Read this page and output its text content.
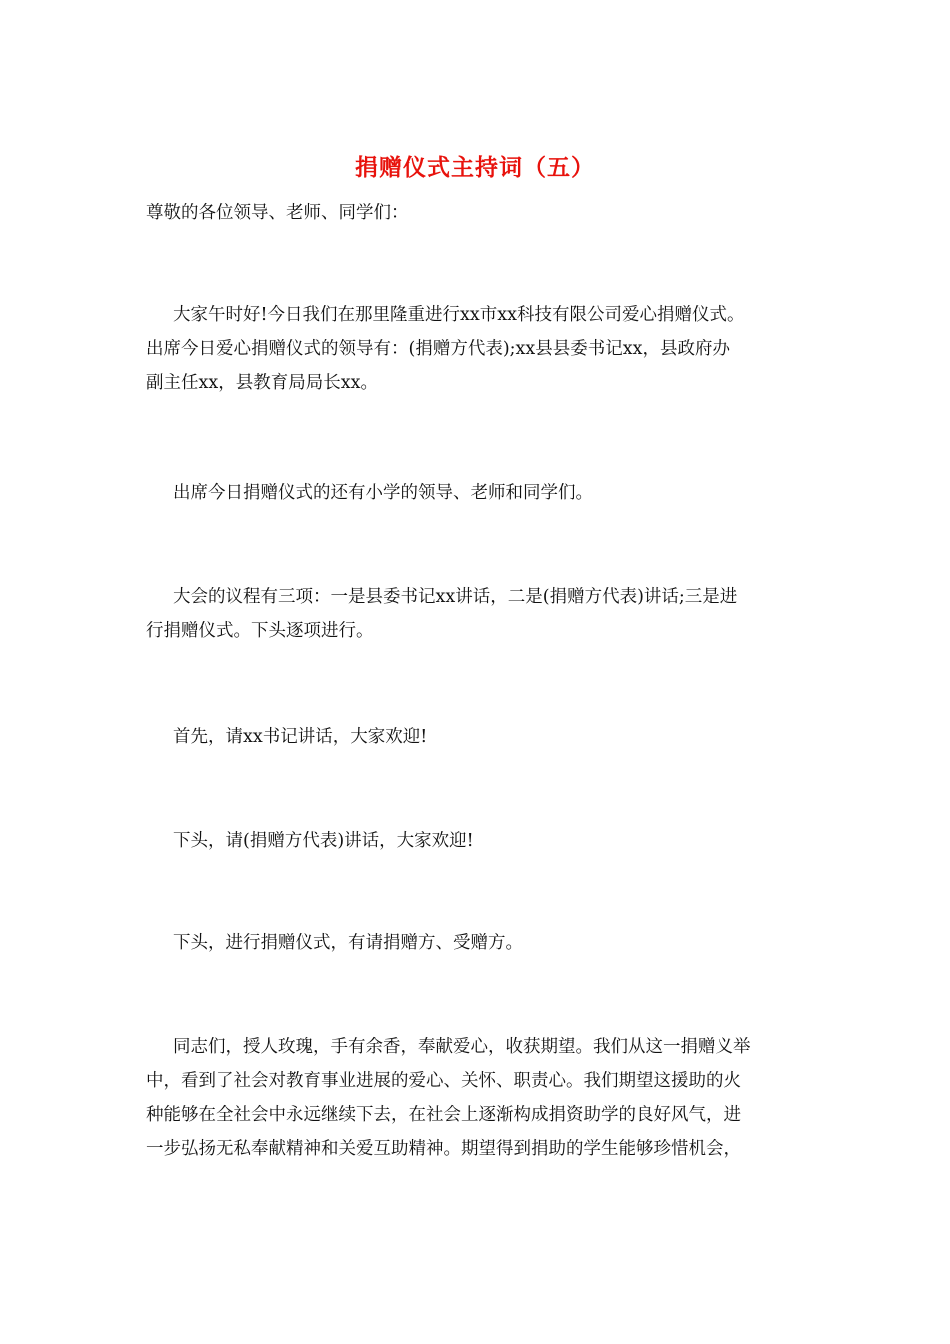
捐赠仪式主持词（五）

尊敬的各位领导、老师、同学们：

大家午时好!今日我们在那里隆重进行xx市xx科技有限公司爱心捐赠仪式。
出席今日爱心捐赠仪式的领导有：(捐赠方代表);xx县县委书记xx，县政府办
副主任xx，县教育局局长xx。

出席今日捐赠仪式的还有小学的领导、老师和同学们。

大会的议程有三项：一是县委书记xx讲话，二是(捐赠方代表)讲话;三是进
行捐赠仪式。下头逐项进行。

首先，请xx书记讲话，大家欢迎!

下头，请(捐赠方代表)讲话，大家欢迎!

下头，进行捐赠仪式，有请捐赠方、受赠方。

同志们，授人玫瑰，手有余香，奉献爱心，收获期望。我们从这一捐赠义举
中，看到了社会对教育事业进展的爱心、关怀、职责心。我们期望这援助的火
种能够在全社会中永远继续下去，在社会上逐渐构成捐资助学的良好风气，进
一步弘扬无私奉献精神和关爱互助精神。期望得到捐助的学生能够珍惜机会，
